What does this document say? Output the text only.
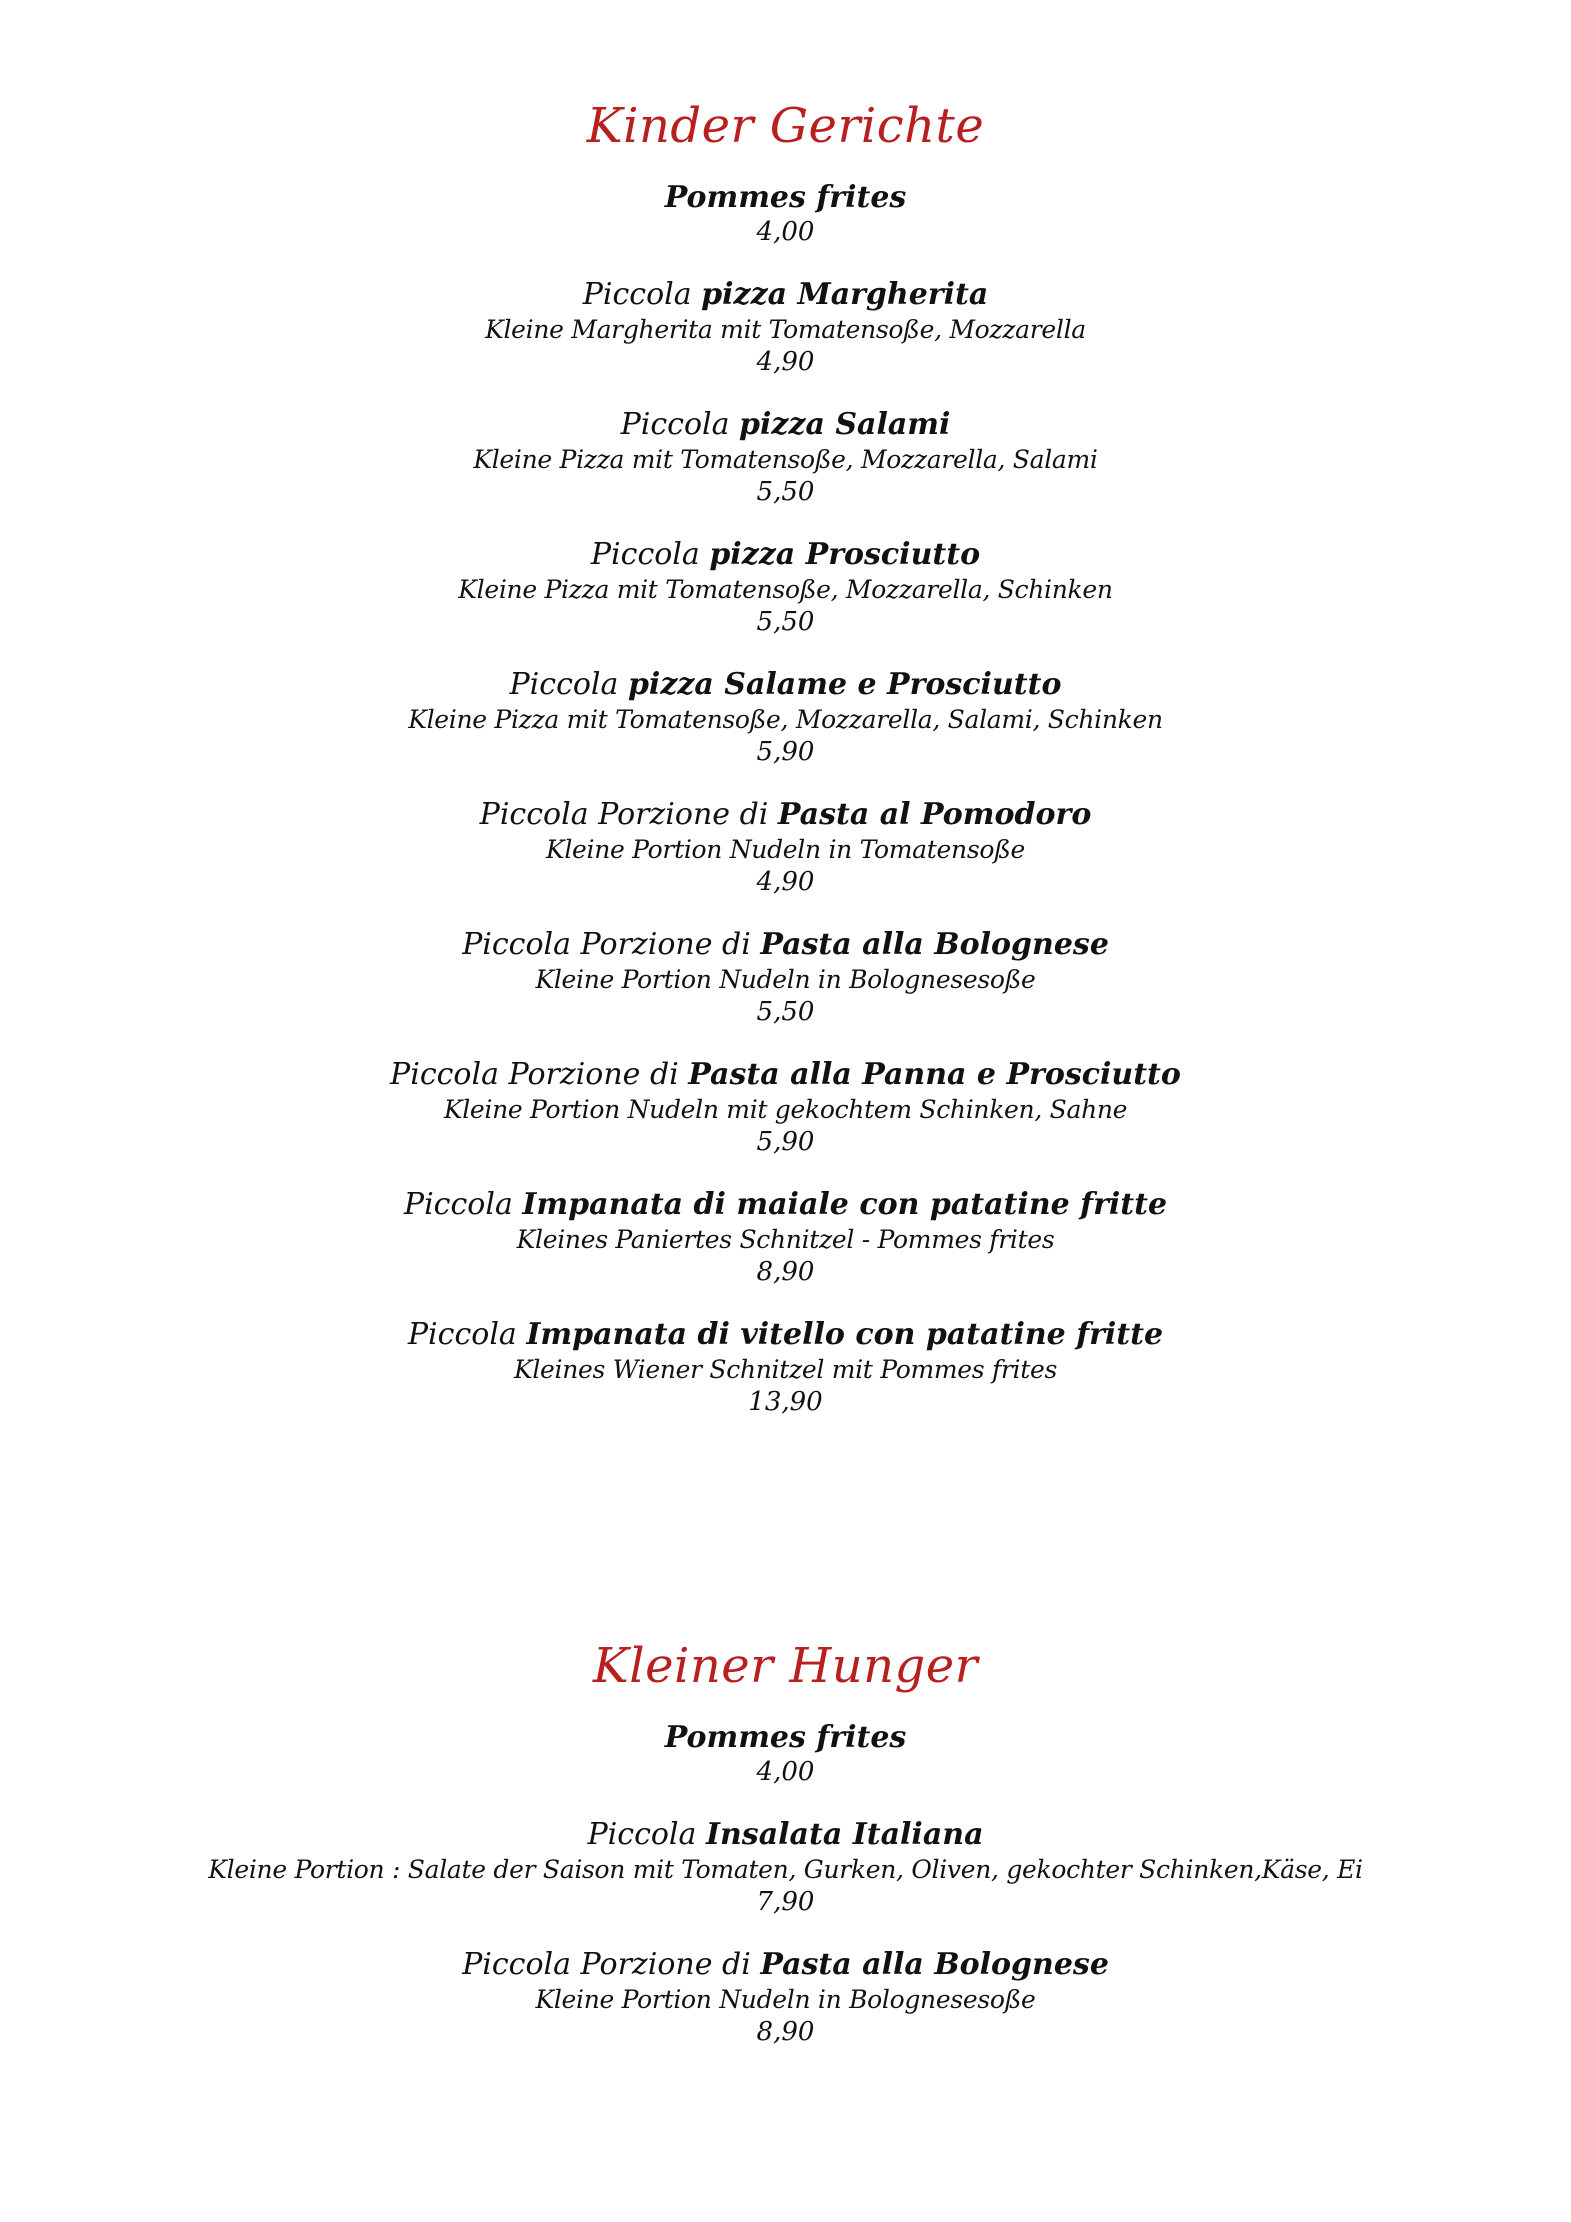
Kinder Gerichte
Pommes frites
4,00
Piccola pizza Margherita
Kleine Margherita mit Tomatensoße, Mozzarella
4,90
Piccola pizza Salami
Kleine Pizza mit Tomatensoße, Mozzarella, Salami
5,50
Piccola pizza Prosciutto
Kleine Pizza mit Tomatensoße, Mozzarella, Schinken
5,50
Piccola pizza Salame e Prosciutto
Kleine Pizza mit Tomatensoße, Mozzarella, Salami, Schinken
5,90
Piccola Porzione di Pasta al Pomodoro
Kleine Portion Nudeln in Tomatensoße
4,90
Piccola Porzione di Pasta alla Bolognese
Kleine Portion Nudeln in Bolognesesoße
5,50
Piccola Porzione di Pasta alla Panna e Prosciutto
Kleine Portion Nudeln mit gekochtem Schinken, Sahne
5,90
Piccola Impanata di maiale con patatine fritte
Kleines Paniertes Schnitzel - Pommes frites
8,90
Piccola Impanata di vitello con patatine fritte
Kleines Wiener Schnitzel mit Pommes frites
13,90
Kleiner Hunger
Pommes frites
4,00
Piccola Insalata Italiana
Kleine Portion : Salate der Saison mit Tomaten, Gurken, Oliven, gekochter Schinken,Käse, Ei
7,90
Piccola Porzione di Pasta alla Bolognese
Kleine Portion Nudeln in Bolognesesoße
8,90
